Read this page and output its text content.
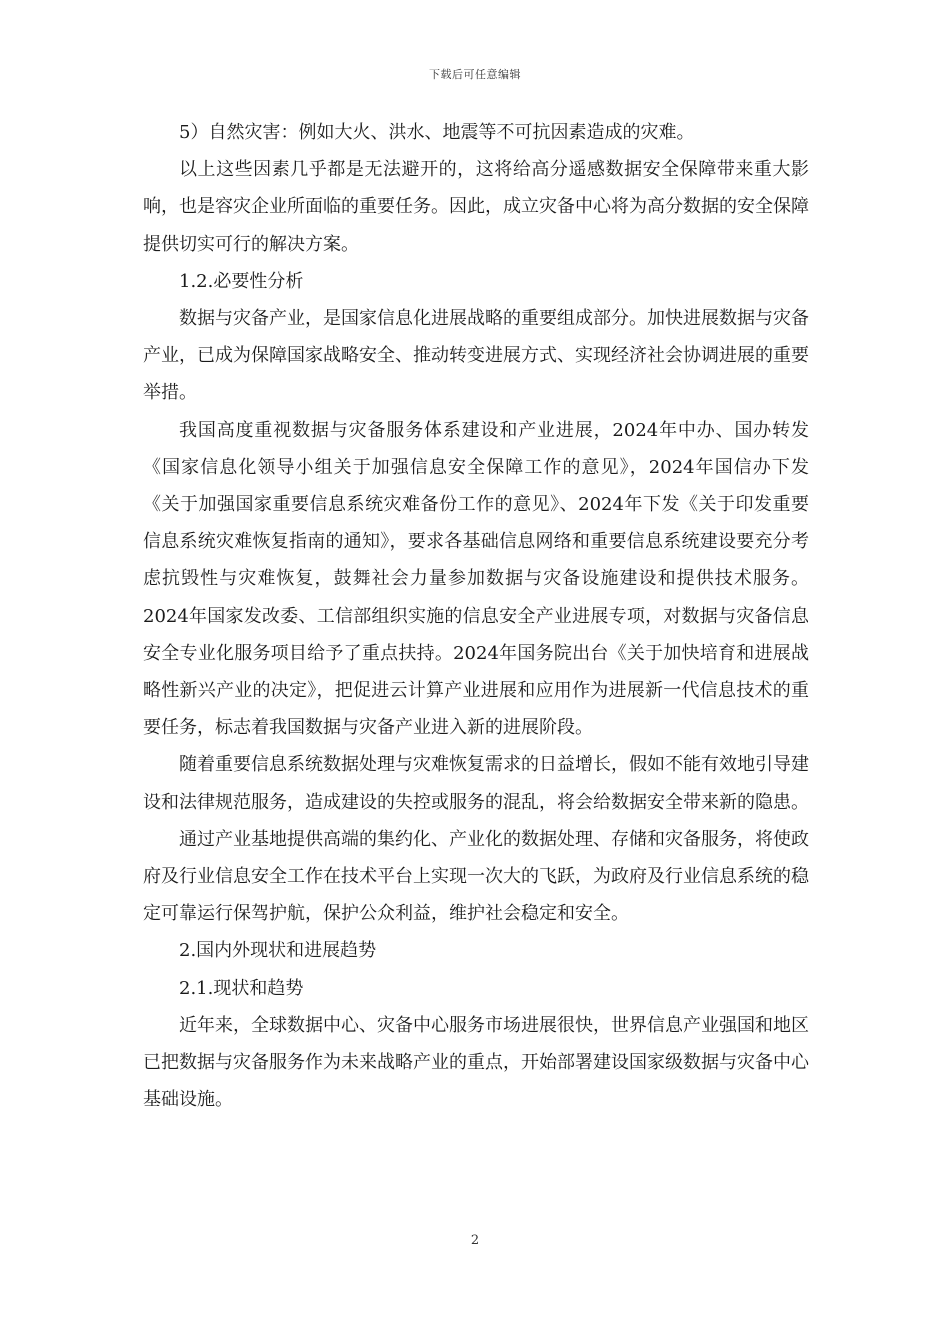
下载后可任意编辑

5）自然灾害：例如大火、洪水、地震等不可抗因素造成的灾难。

以上这些因素几乎都是无法避开的，这将给高分遥感数据安全保障带来重大影响，也是容灾企业所面临的重要任务。因此，成立灾备中心将为高分数据的安全保障提供切实可行的解决方案。

1.2.必要性分析

数据与灾备产业，是国家信息化进展战略的重要组成部分。加快进展数据与灾备产业，已成为保障国家战略安全、推动转变进展方式、实现经济社会协调进展的重要举措。

我国高度重视数据与灾备服务体系建设和产业进展，2024年中办、国办转发《国家信息化领导小组关于加强信息安全保障工作的意见》，2024年国信办下发《关于加强国家重要信息系统灾难备份工作的意见》、2024年下发《关于印发重要信息系统灾难恢复指南的通知》，要求各基础信息网络和重要信息系统建设要充分考虑抗毁性与灾难恢复，鼓舞社会力量参加数据与灾备设施建设和提供技术服务。2024年国家发改委、工信部组织实施的信息安全产业进展专项，对数据与灾备信息安全专业化服务项目给予了重点扶持。2024年国务院出台《关于加快培育和进展战略性新兴产业的决定》，把促进云计算产业进展和应用作为进展新一代信息技术的重要任务，标志着我国数据与灾备产业进入新的进展阶段。

随着重要信息系统数据处理与灾难恢复需求的日益增长，假如不能有效地引导建设和法律规范服务，造成建设的失控或服务的混乱，将会给数据安全带来新的隐患。

通过产业基地提供高端的集约化、产业化的数据处理、存储和灾备服务，将使政府及行业信息安全工作在技术平台上实现一次大的飞跃，为政府及行业信息系统的稳定可靠运行保驾护航，保护公众利益，维护社会稳定和安全。

2.国内外现状和进展趋势

2.1.现状和趋势

近年来，全球数据中心、灾备中心服务市场进展很快，世界信息产业强国和地区已把数据与灾备服务作为未来战略产业的重点，开始部署建设国家级数据与灾备中心基础设施。

2
